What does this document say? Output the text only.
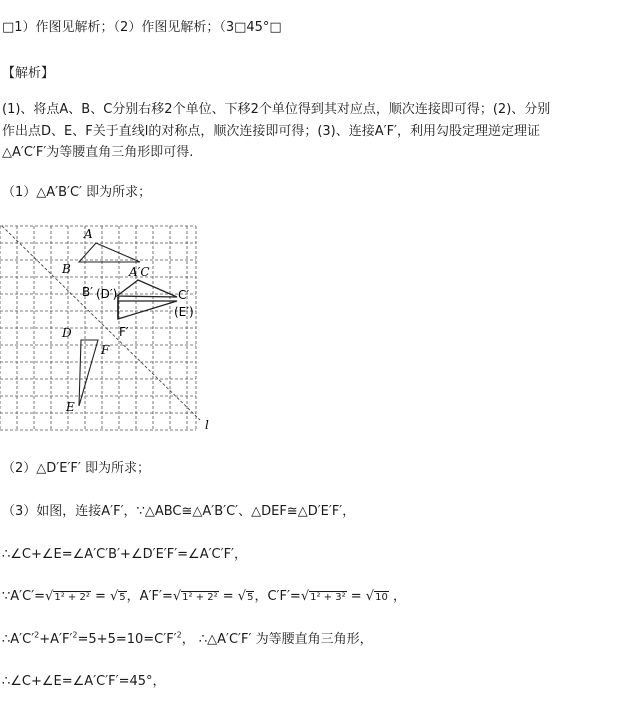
□1）作图见解析；（2）作图见解析；（3□45°□
【解析】
(1)、将点A、B、C分别右移2个单位、下移2个单位得到其对应点，顺次连接即可得；(2)、分别
作出点D、E、F关于直线l的对称点，顺次连接即可得；(3)、连接A′F′，利用勾股定理逆定理证
△A′C′F′为等腰直角三角形即可得.
（1）△A′B′C′ 即为所求；
A
B	A′C
B′ (D′)	C′
(E′)
D	F′
F
E
l
（2）△D′E′F′ 即为所求；
（3）如图，连接A′F′，∵△ABC≅△A′B′C′、△DEF≅△D′E′F′，
∴∠C+∠E=∠A′C′B′+∠D′E′F′=∠A′C′F′，
∵A′C′=√1² + 2² = √5，A′F′=√1² + 2² = √5，C′F′=√1² + 3² = √10 ，
$\therefore A'C'^2+A'F'^2=5+5=10=C'F'^2$， ∴△A′C′F′ 为等腰直角三角形，
∴∠C+∠E=∠A′C′F′=45°，
